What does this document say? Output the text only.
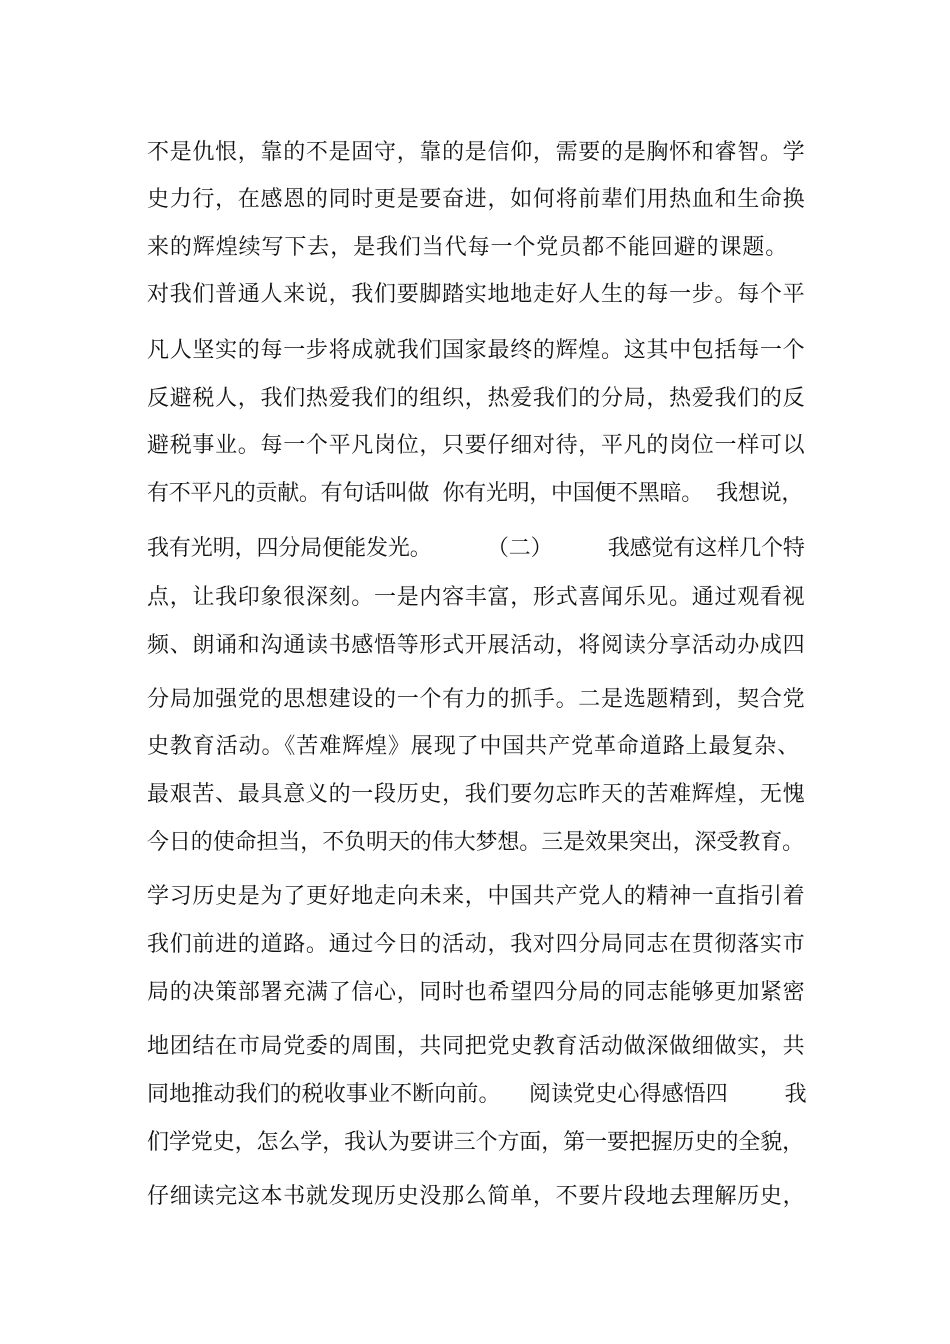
不是仇恨，靠的不是固守，靠的是信仰，需要的是胸怀和睿智。学
史力行，在感恩的同时更是要奋进，如何将前辈们用热血和生命换
来的辉煌续写下去，是我们当代每一个党员都不能回避的课题。
对我们普通人来说，我们要脚踏实地地走好人生的每一步。每个平
凡人坚实的每一步将成就我们国家最终的辉煌。这其中包括每一个
反避税人，我们热爱我们的组织，热爱我们的分局，热爱我们的反
避税事业。每一个平凡岗位，只要仔细对待，平凡的岗位一样可以
有不平凡的贡献。有句话叫做  你有光明，中国便不黑暗。  我想说，
我有光明，四分局便能发光。        （二）        我感觉有这样几个特
点，让我印象很深刻。一是内容丰富，形式喜闻乐见。通过观看视
频、朗诵和沟通读书感悟等形式开展活动，将阅读分享活动办成四
分局加强党的思想建设的一个有力的抓手。二是选题精到，契合党
史教育活动。《苦难辉煌》展现了中国共产党革命道路上最复杂、
最艰苦、最具意义的一段历史，我们要勿忘昨天的苦难辉煌，无愧
今日的使命担当，不负明天的伟大梦想。三是效果突出，深受教育。
学习历史是为了更好地走向未来，中国共产党人的精神一直指引着
我们前进的道路。通过今日的活动，我对四分局同志在贯彻落实市
局的决策部署充满了信心，同时也希望四分局的同志能够更加紧密
地团结在市局党委的周围，共同把党史教育活动做深做细做实，共
同地推动我们的税收事业不断向前。    阅读党史心得感悟四        我
们学党史，怎么学，我认为要讲三个方面，第一要把握历史的全貌，
仔细读完这本书就发现历史没那么简单，不要片段地去理解历史，
